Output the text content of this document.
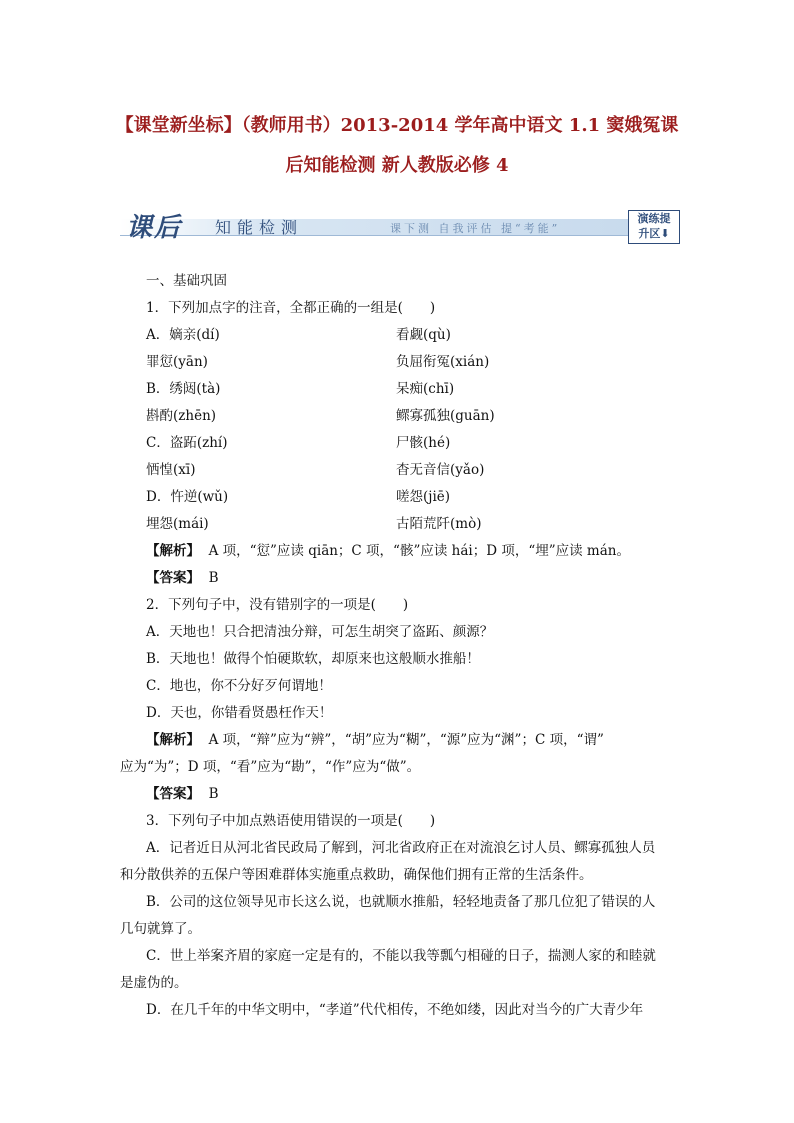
【课堂新坐标】（教师用书）2013-2014 学年高中语文 1.1 窦娥冤课
后知能检测 新人教版必修 4
课后 知能检测	课下测 自我评估 提“考能”
演练提
升区⬇
一、基础巩固
1．下列加点字的注音，全都正确的一组是(　　)
A．嫡亲(dí)	看觑(qù)
罪愆(yān)	负屈衔冤(xián)
B．绣闼(tà)	呆痴(chī)
斟酌(zhēn)	鳏寡孤独(guān)
C．盗跖(zhí)	尸骸(hé)
恓惶(xī)	杳无音信(yǎo)
D．忤逆(wǔ)	嗟怨(jiē)
埋怨(mái)	古陌荒阡(mò)
【解析】 A 项，“愆”应读 qiān；C 项，“骸”应读 hái；D 项，“埋”应读 mán。
【答案】 B
2．下列句子中，没有错别字的一项是(　　)
A．天地也！只合把清浊分辩，可怎生胡突了盗跖、颜源？
B．天地也！做得个怕硬欺软，却原来也这般顺水推船！
C．地也，你不分好歹何谓地！
D．天也，你错看贤愚枉作天！
【解析】 A 项，“辩”应为“辨”，“胡”应为“糊”，“源”应为“渊”；C 项，“谓”
应为“为”；D 项，“看”应为“勘”，“作”应为“做”。
【答案】 B
3．下列句子中加点熟语使用错误的一项是(　　)
A．记者近日从河北省民政局了解到，河北省政府正在对流浪乞讨人员、鳏寡孤独人员
和分散供养的五保户等困难群体实施重点救助，确保他们拥有正常的生活条件。
B．公司的这位领导见市长这么说，也就顺水推船，轻轻地责备了那几位犯了错误的人
几句就算了。
C．世上举案齐眉的家庭一定是有的，不能以我等瓢勺相碰的日子，揣测人家的和睦就
是虚伪的。
D．在几千年的中华文明中，“孝道”代代相传，不绝如缕，因此对当今的广大青少年
